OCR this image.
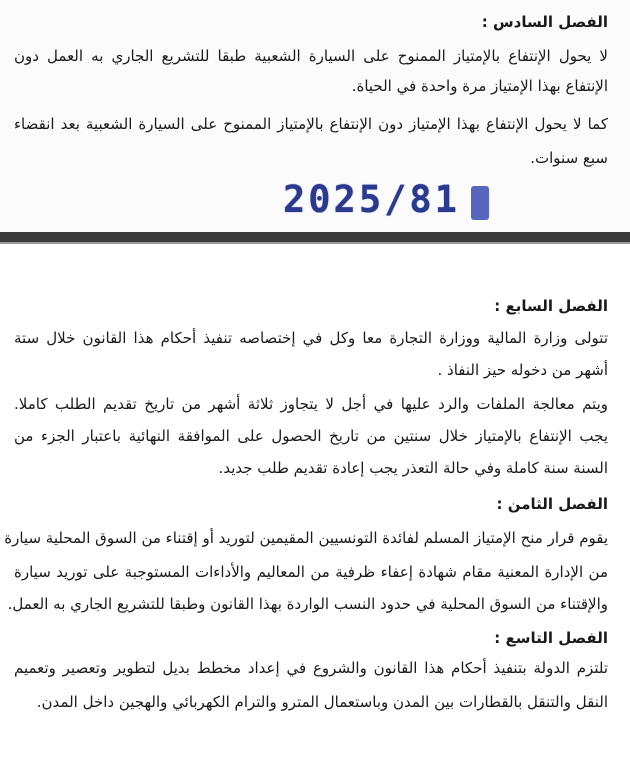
الفصل السادس :
لا يحول الإنتفاع بالإمتياز الممنوح على السيارة الشعبية طبقا للتشريع الجاري به العمل دون
الإنتفاع بهذا الإمتياز مرة واحدة في الحياة.
كما لا يحول الإنتفاع بهذا الإمتياز دون الإنتفاع بالإمتياز الممنوح على السيارة الشعبية بعد انقضاء
سبع سنوات.
2025/81
الفصل السابع :
تتولى وزارة المالية ووزارة التجارة معا وكل في إختصاصه تنفيذ أحكام هذا القانون خلال ستة
أشهر من دخوله حيز النفاذ .
ويتم معالجة الملفات والرد عليها في أجل لا يتجاوز ثلاثة أشهر من تاريخ تقديم الطلب كاملا.
يجب الإنتفاع بالإمتياز خلال سنتين من تاريخ الحصول على الموافقة النهائية باعتبار الجزء من
السنة سنة كاملة وفي حالة التعذر يجب إعادة تقديم طلب جديد.
الفصل الثامن :
يقوم قرار منح الإمتياز المسلم لفائدة التونسيين المقيمين لتوريد أو إقتناء من السوق المحلية سيارة
من الإدارة المعنية مقام شهادة إعفاء ظرفية من المعاليم والأداءات المستوجبة على توريد سيارة
والإقتناء من السوق المحلية في حدود النسب الواردة بهذا القانون وطبقا للتشريع الجاري به العمل.
الفصل التاسع :
تلتزم الدولة بتنفيذ أحكام هذا القانون والشروع في إعداد مخطط بديل لتطوير وتعصير وتعميم
النقل والتنقل بالقطارات بين المدن وباستعمال المترو والترام الكهربائي والهجين داخل المدن.
